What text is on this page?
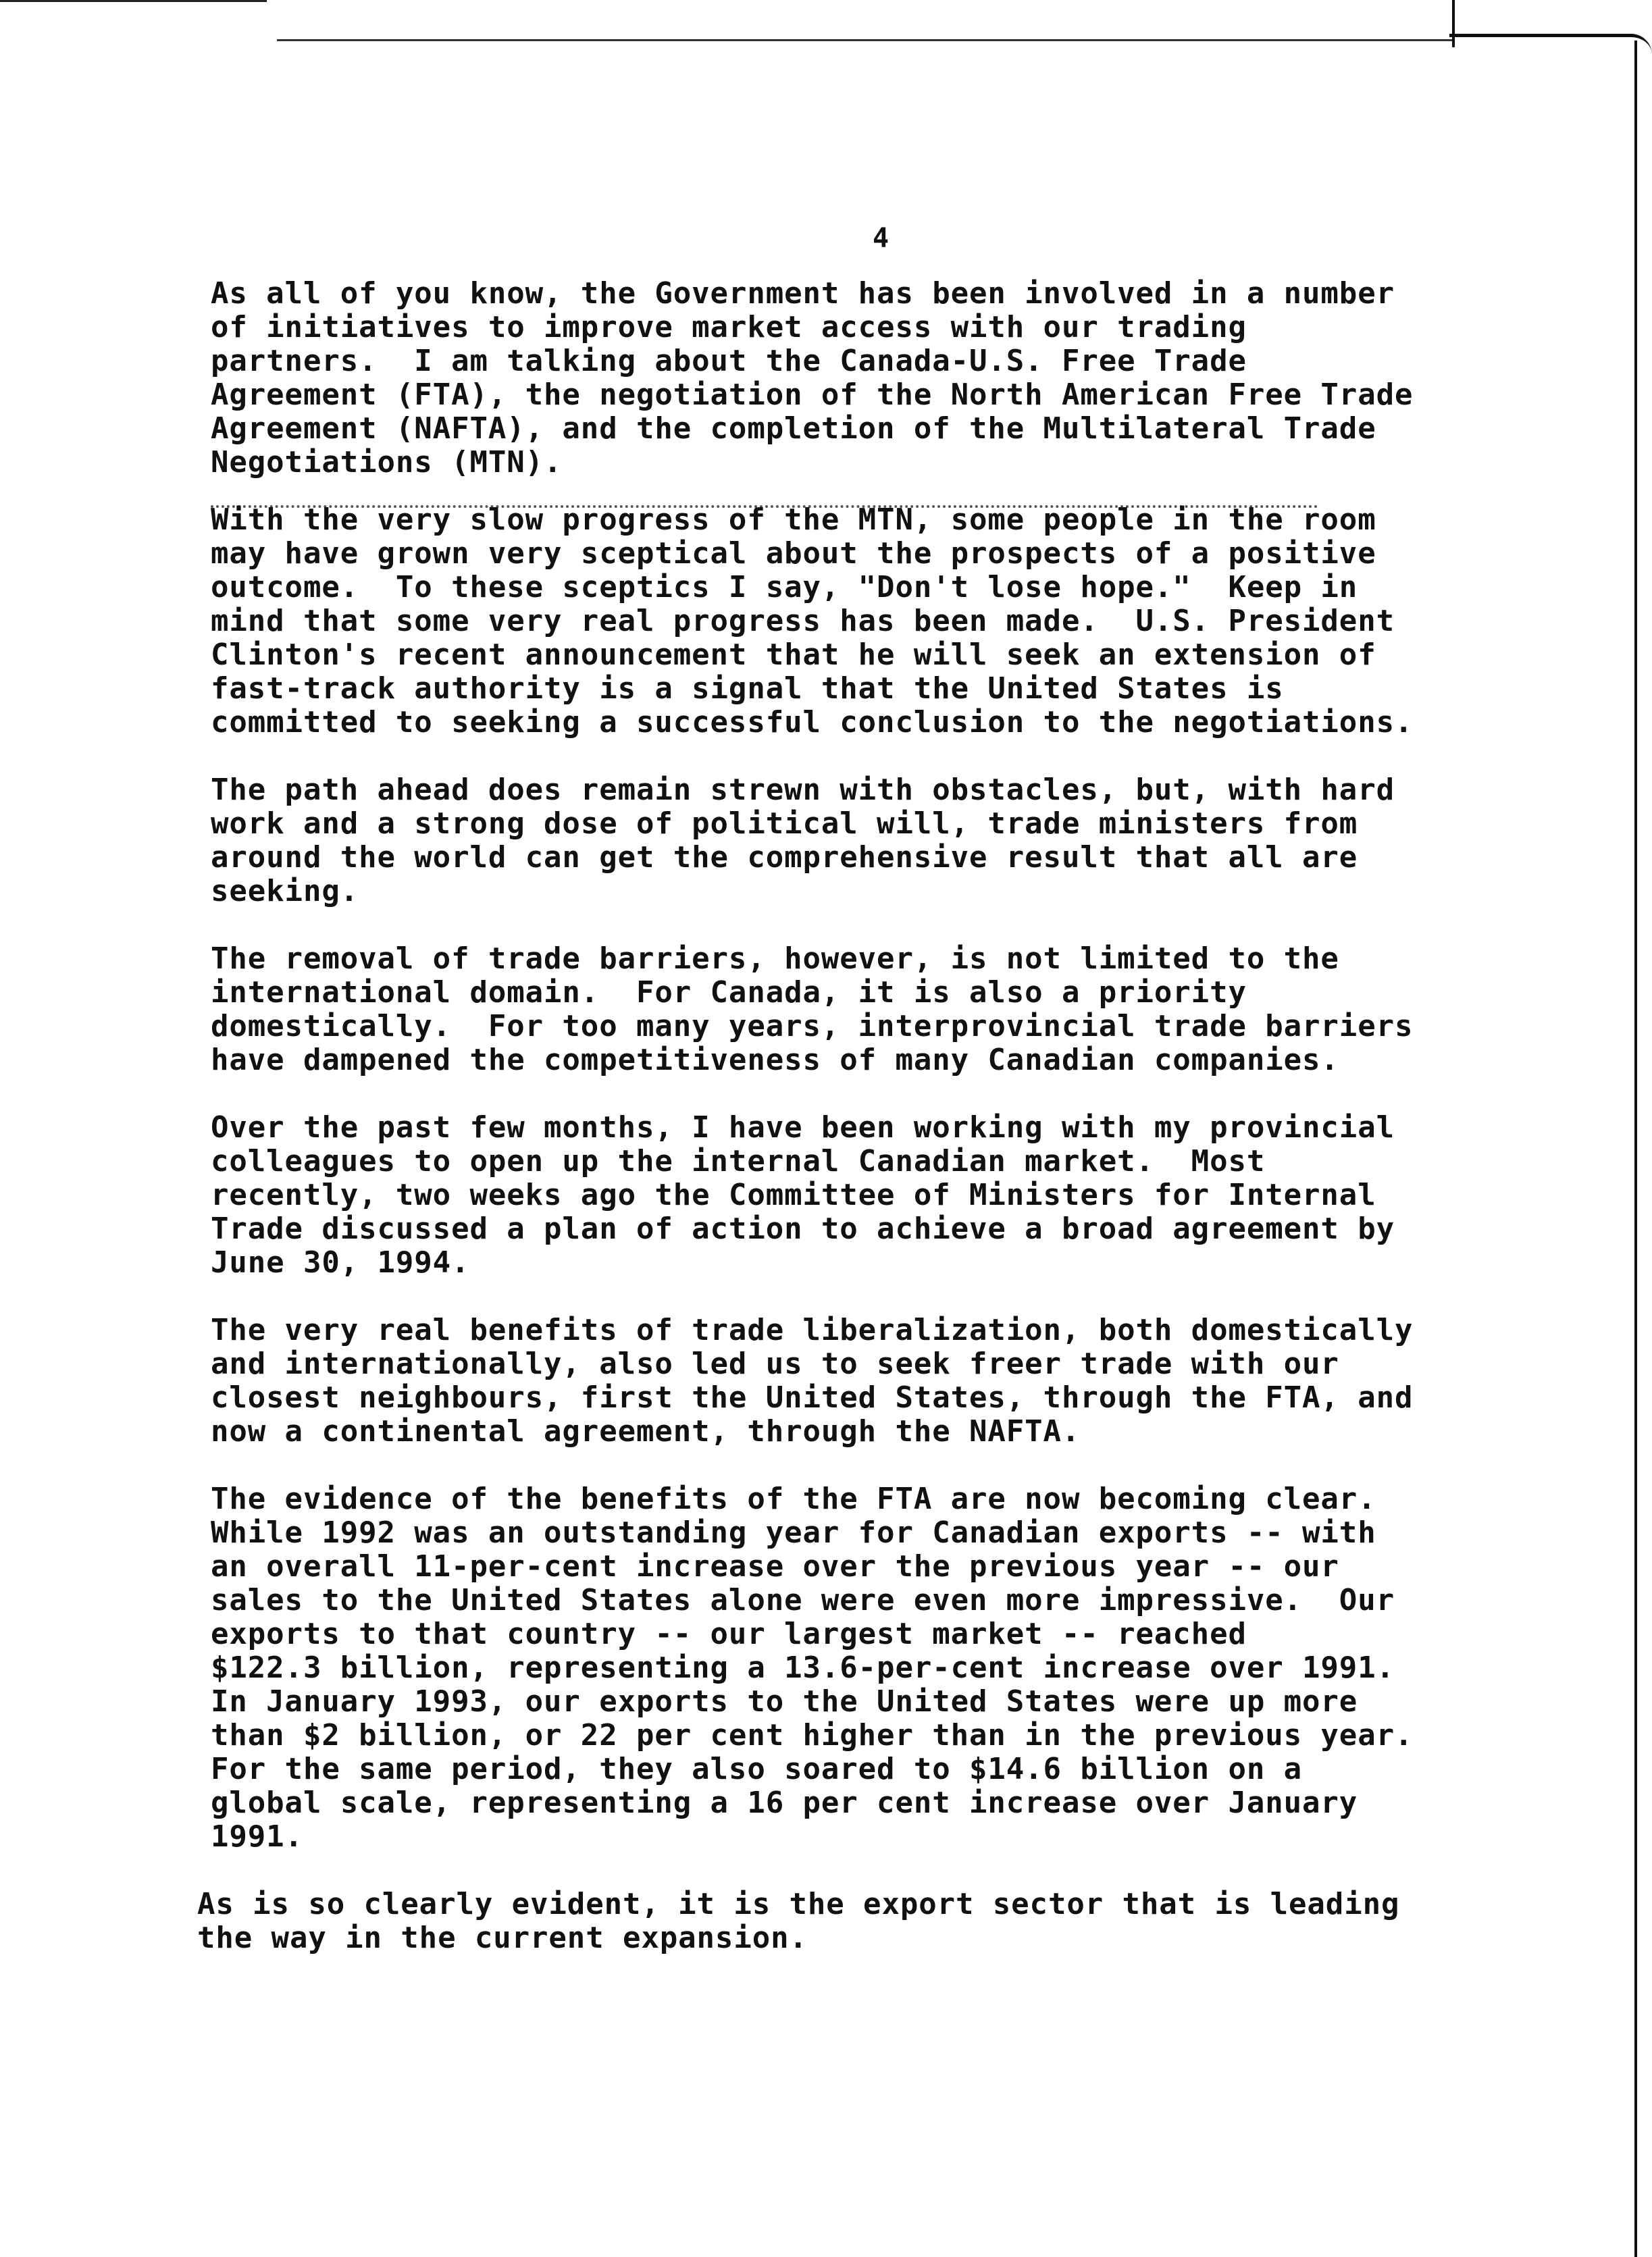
4

As all of you know, the Government has been involved in a number
of initiatives to improve market access with our trading
partners.  I am talking about the Canada-U.S. Free Trade
Agreement (FTA), the negotiation of the North American Free Trade
Agreement (NAFTA), and the completion of the Multilateral Trade
Negotiations (MTN).

With the very slow progress of the MTN, some people in the room
may have grown very sceptical about the prospects of a positive
outcome.  To these sceptics I say, "Don't lose hope."  Keep in
mind that some very real progress has been made.  U.S. President
Clinton's recent announcement that he will seek an extension of
fast-track authority is a signal that the United States is
committed to seeking a successful conclusion to the negotiations.

The path ahead does remain strewn with obstacles, but, with hard
work and a strong dose of political will, trade ministers from
around the world can get the comprehensive result that all are
seeking.

The removal of trade barriers, however, is not limited to the
international domain.  For Canada, it is also a priority
domestically.  For too many years, interprovincial trade barriers
have dampened the competitiveness of many Canadian companies.

Over the past few months, I have been working with my provincial
colleagues to open up the internal Canadian market.  Most
recently, two weeks ago the Committee of Ministers for Internal
Trade discussed a plan of action to achieve a broad agreement by
June 30, 1994.

The very real benefits of trade liberalization, both domestically
and internationally, also led us to seek freer trade with our
closest neighbours, first the United States, through the FTA, and
now a continental agreement, through the NAFTA.

The evidence of the benefits of the FTA are now becoming clear.
While 1992 was an outstanding year for Canadian exports -- with
an overall 11-per-cent increase over the previous year -- our
sales to the United States alone were even more impressive.  Our
exports to that country -- our largest market -- reached
$122.3 billion, representing a 13.6-per-cent increase over 1991.
In January 1993, our exports to the United States were up more
than $2 billion, or 22 per cent higher than in the previous year.
For the same period, they also soared to $14.6 billion on a
global scale, representing a 16 per cent increase over January
1991.

As is so clearly evident, it is the export sector that is leading
the way in the current expansion.
